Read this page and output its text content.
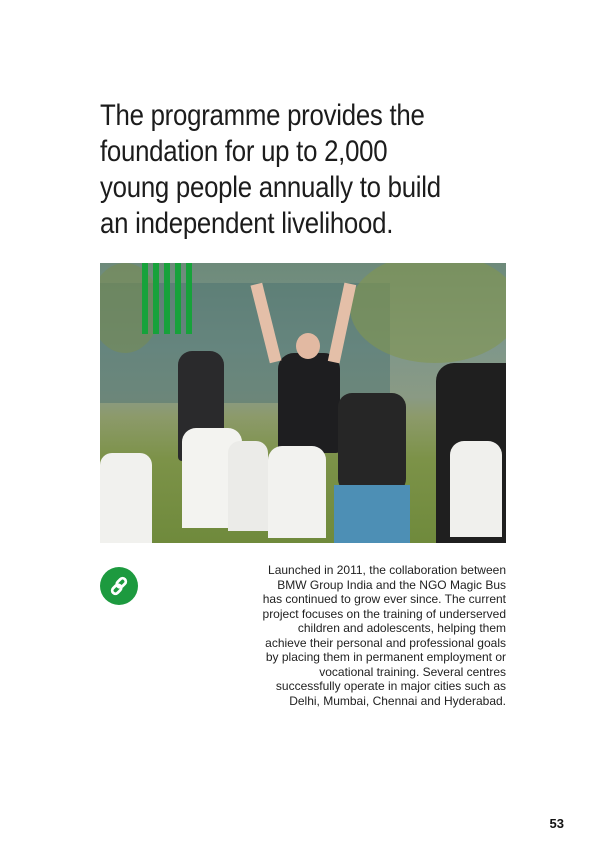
The programme provides the
foundation for up to 2,000
young people annually to build
an independent livelihood.
Launched in 2011, the collaboration between
BMW Group India and the NGO Magic Bus
has continued to grow ever since. The current
project focuses on the training of underserved
children and adolescents, helping them
achieve their personal and professional goals
by placing them in permanent employment or
vocational training. Several centres
successfully operate in major cities such as
Delhi, Mumbai, Chennai and Hyderabad.
53
